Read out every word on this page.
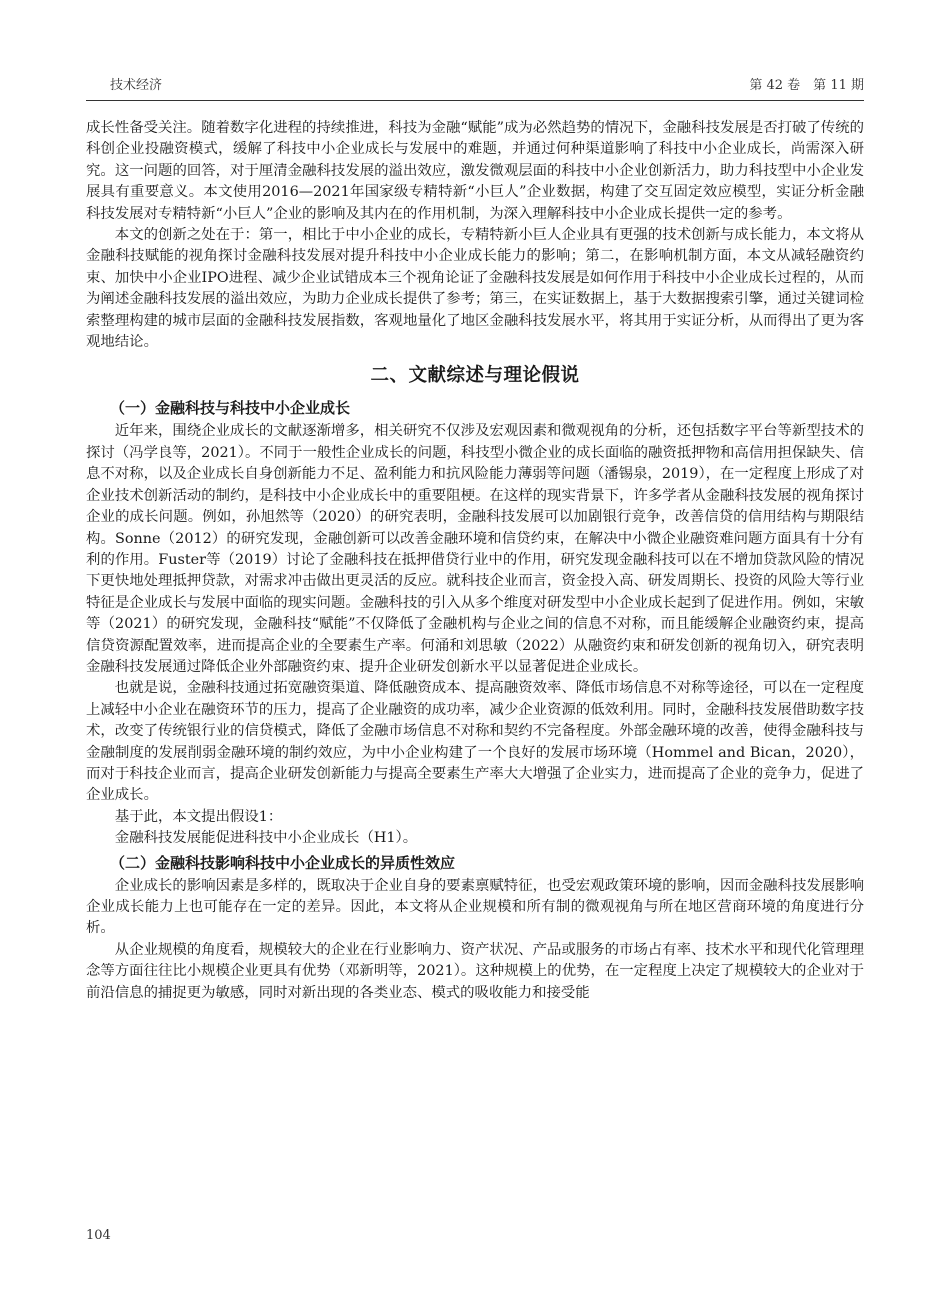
技术经济	第 42 卷　第 11 期

成长性备受关注。随着数字化进程的持续推进，科技为金融“赋能”成为必然趋势的情况下，金融科技发展是否打破了传统的科创企业投融资模式，缓解了科技中小企业成长与发展中的难题，并通过何种渠道影响了科技中小企业成长，尚需深入研究。这一问题的回答，对于厘清金融科技发展的溢出效应，激发微观层面的科技中小企业创新活力，助力科技型中小企业发展具有重要意义。本文使用2016—2021年国家级专精特新“小巨人”企业数据，构建了交互固定效应模型，实证分析金融科技发展对专精特新“小巨人”企业的影响及其内在的作用机制，为深入理解科技中小企业成长提供一定的参考。

本文的创新之处在于：第一，相比于中小企业的成长，专精特新小巨人企业具有更强的技术创新与成长能力，本文将从金融科技赋能的视角探讨金融科技发展对提升科技中小企业成长能力的影响；第二，在影响机制方面，本文从减轻融资约束、加快中小企业IPO进程、减少企业试错成本三个视角论证了金融科技发展是如何作用于科技中小企业成长过程的，从而为阐述金融科技发展的溢出效应，为助力企业成长提供了参考；第三，在实证数据上，基于大数据搜索引擎，通过关键词检索整理构建的城市层面的金融科技发展指数，客观地量化了地区金融科技发展水平，将其用于实证分析，从而得出了更为客观地结论。

二、文献综述与理论假说
（一）金融科技与科技中小企业成长

近年来，围绕企业成长的文献逐渐增多，相关研究不仅涉及宏观因素和微观视角的分析，还包括数字平台等新型技术的探讨（冯学良等，2021）。不同于一般性企业成长的问题，科技型小微企业的成长面临的融资抵押物和高信用担保缺失、信息不对称，以及企业成长自身创新能力不足、盈利能力和抗风险能力薄弱等问题（潘锡泉，2019），在一定程度上形成了对企业技术创新活动的制约，是科技中小企业成长中的重要阻梗。在这样的现实背景下，许多学者从金融科技发展的视角探讨企业的成长问题。例如，孙旭然等（2020）的研究表明，金融科技发展可以加剧银行竞争，改善信贷的信用结构与期限结构。Sonne（2012）的研究发现，金融创新可以改善金融环境和信贷约束，在解决中小微企业融资难问题方面具有十分有利的作用。Fuster等（2019）讨论了金融科技在抵押借贷行业中的作用，研究发现金融科技可以在不增加贷款风险的情况下更快地处理抵押贷款，对需求冲击做出更灵活的反应。就科技企业而言，资金投入高、研发周期长、投资的风险大等行业特征是企业成长与发展中面临的现实问题。金融科技的引入从多个维度对研发型中小企业成长起到了促进作用。例如，宋敏等（2021）的研究发现，金融科技“赋能”不仅降低了金融机构与企业之间的信息不对称，而且能缓解企业融资约束，提高信贷资源配置效率，进而提高企业的全要素生产率。何涌和刘思敏（2022）从融资约束和研发创新的视角切入，研究表明金融科技发展通过降低企业外部融资约束、提升企业研发创新水平以显著促进企业成长。

也就是说，金融科技通过拓宽融资渠道、降低融资成本、提高融资效率、降低市场信息不对称等途径，可以在一定程度上减轻中小企业在融资环节的压力，提高了企业融资的成功率，减少企业资源的低效利用。同时，金融科技发展借助数字技术，改变了传统银行业的信贷模式，降低了金融市场信息不对称和契约不完备程度。外部金融环境的改善，使得金融科技与金融制度的发展削弱金融环境的制约效应，为中小企业构建了一个良好的发展市场环境（Hommel and Bican，2020），而对于科技企业而言，提高企业研发创新能力与提高全要素生产率大大增强了企业实力，进而提高了企业的竞争力，促进了企业成长。

基于此，本文提出假设1：

金融科技发展能促进科技中小企业成长（H1）。

（二）金融科技影响科技中小企业成长的异质性效应

企业成长的影响因素是多样的，既取决于企业自身的要素禀赋特征，也受宏观政策环境的影响，因而金融科技发展影响企业成长能力上也可能存在一定的差异。因此，本文将从企业规模和所有制的微观视角与所在地区营商环境的角度进行分析。

从企业规模的角度看，规模较大的企业在行业影响力、资产状况、产品或服务的市场占有率、技术水平和现代化管理理念等方面往往比小规模企业更具有优势（邓新明等，2021）。这种规模上的优势，在一定程度上决定了规模较大的企业对于前沿信息的捕捉更为敏感，同时对新出现的各类业态、模式的吸收能力和接受能

104
